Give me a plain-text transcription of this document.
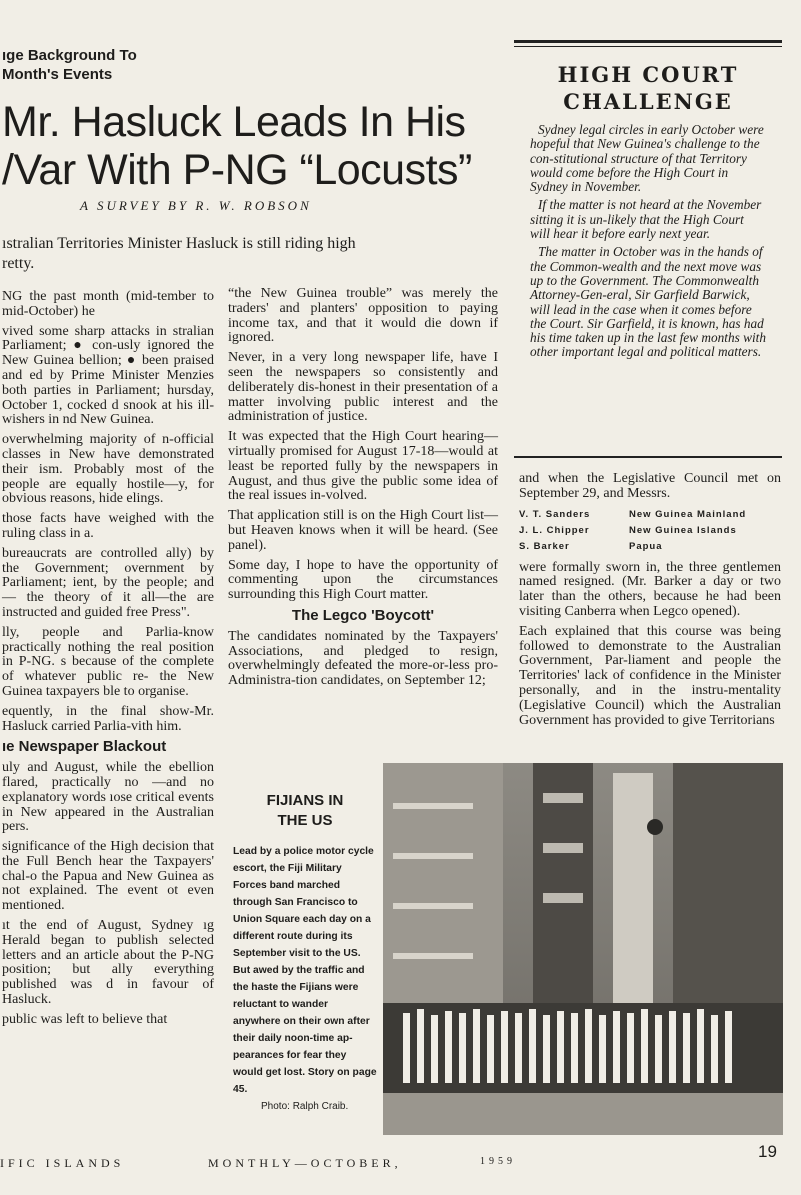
ıge Background To
Month's Events
Mr. Hasluck Leads In His
/Var With P-NG “Locusts”
A SURVEY BY R. W. ROBSON
ıstralian Territories Minister Hasluck is still riding high
retty.

NG the past month (mid-tember to mid-October) he

vived some sharp attacks in stralian Parliament; ● con-usly ignored the New Guinea bellion; ● been praised and ed by Prime Minister Menzies both parties in Parliament; hursday, October 1, cocked d snook at his ill-wishers in nd New Guinea.

overwhelming majority of n-official classes in New have demonstrated their ism. Probably most of the people are equally hostile—y, for obvious reasons, hide elings.

those facts have weighed with the ruling class in a.

bureaucrats are controlled ally) by the Government; overnment by Parliament; ient, by the people; and— the theory of it all—the are instructed and guided free Press".

lly, people and Parlia-know practically nothing the real position in P-NG. s because of the complete of whatever public re- the New Guinea taxpayers ble to organise.

equently, in the final show-Mr. Hasluck carried Parlia-vith him.

ıe Newspaper Blackout

uly and August, while the ebellion flared, practically no —and no explanatory words ıose critical events in New appeared in the Australian pers.

significance of the High decision that the Full Bench hear the Taxpayers' chal-o the Papua and New Guinea as not explained. The event ot even mentioned.

ıt the end of August, Sydney ıg Herald began to publish selected letters and an article about the P-NG position; but ally everything published was d in favour of Hasluck.

public was left to believe that

“the New Guinea trouble” was merely the traders' and planters' opposition to paying income tax, and that it would die down if ignored.

Never, in a very long newspaper life, have I seen the newspapers so consistently and deliberately dis-honest in their presentation of a matter involving public interest and the administration of justice.

It was expected that the High Court hearing—virtually promised for August 17-18—would at least be reported fully by the newspapers in August, and thus give the public some idea of the real issues in-volved.

That application still is on the High Court list—but Heaven knows when it will be heard. (See panel).

Some day, I hope to have the opportunity of commenting upon the circumstances surrounding this High Court matter.

The Legco 'Boycott'

The candidates nominated by the Taxpayers' Associations, and pledged to resign, overwhelmingly defeated the more-or-less pro-Administra-tion candidates, on September 12;

HIGH COURT
CHALLENGE

Sydney legal circles in early October were hopeful that New Guinea's challenge to the con-stitutional structure of that Territory would come before the High Court in Sydney in November.

If the matter is not heard at the November sitting it is un-likely that the High Court will hear it before early next year.

The matter in October was in the hands of the Common-wealth and the next move was up to the Government. The Commonwealth Attorney-Gen-eral, Sir Garfield Barwick, will lead in the case when it comes before the Court. Sir Garfield, it is known, has had his time taken up in the last few months with other important legal and political matters.

and when the Legislative Council met on September 29, and Messrs.

V. T. Sanders	New Guinea Mainland
J. L. Chipper	New Guinea Islands
S. Barker	Papua

were formally sworn in, the three gentlemen named resigned. (Mr. Barker a day or two later than the others, because he had been visiting Canberra when Legco opened).

Each explained that this course was being followed to demonstrate to the Australian Government, Par-liament and people the Territories' lack of confidence in the Minister personally, and in the instru-mentality (Legislative Council) which the Australian Government has provided to give Territorians

FIJIANS IN
THE US
Lead by a police motor cycle escort, the Fiji Military Forces band marched through San Francisco to Union Square each day on a different route during its September visit to the US. But awed by the traffic and the haste the Fijians were reluctant to wander anywhere on their own after their daily noon-time ap-pearances for fear they would get lost. Story on page 45.
Photo: Ralph Craib.
IFIC ISLANDS	MONTHLY—OCTOBER,	1959
19
